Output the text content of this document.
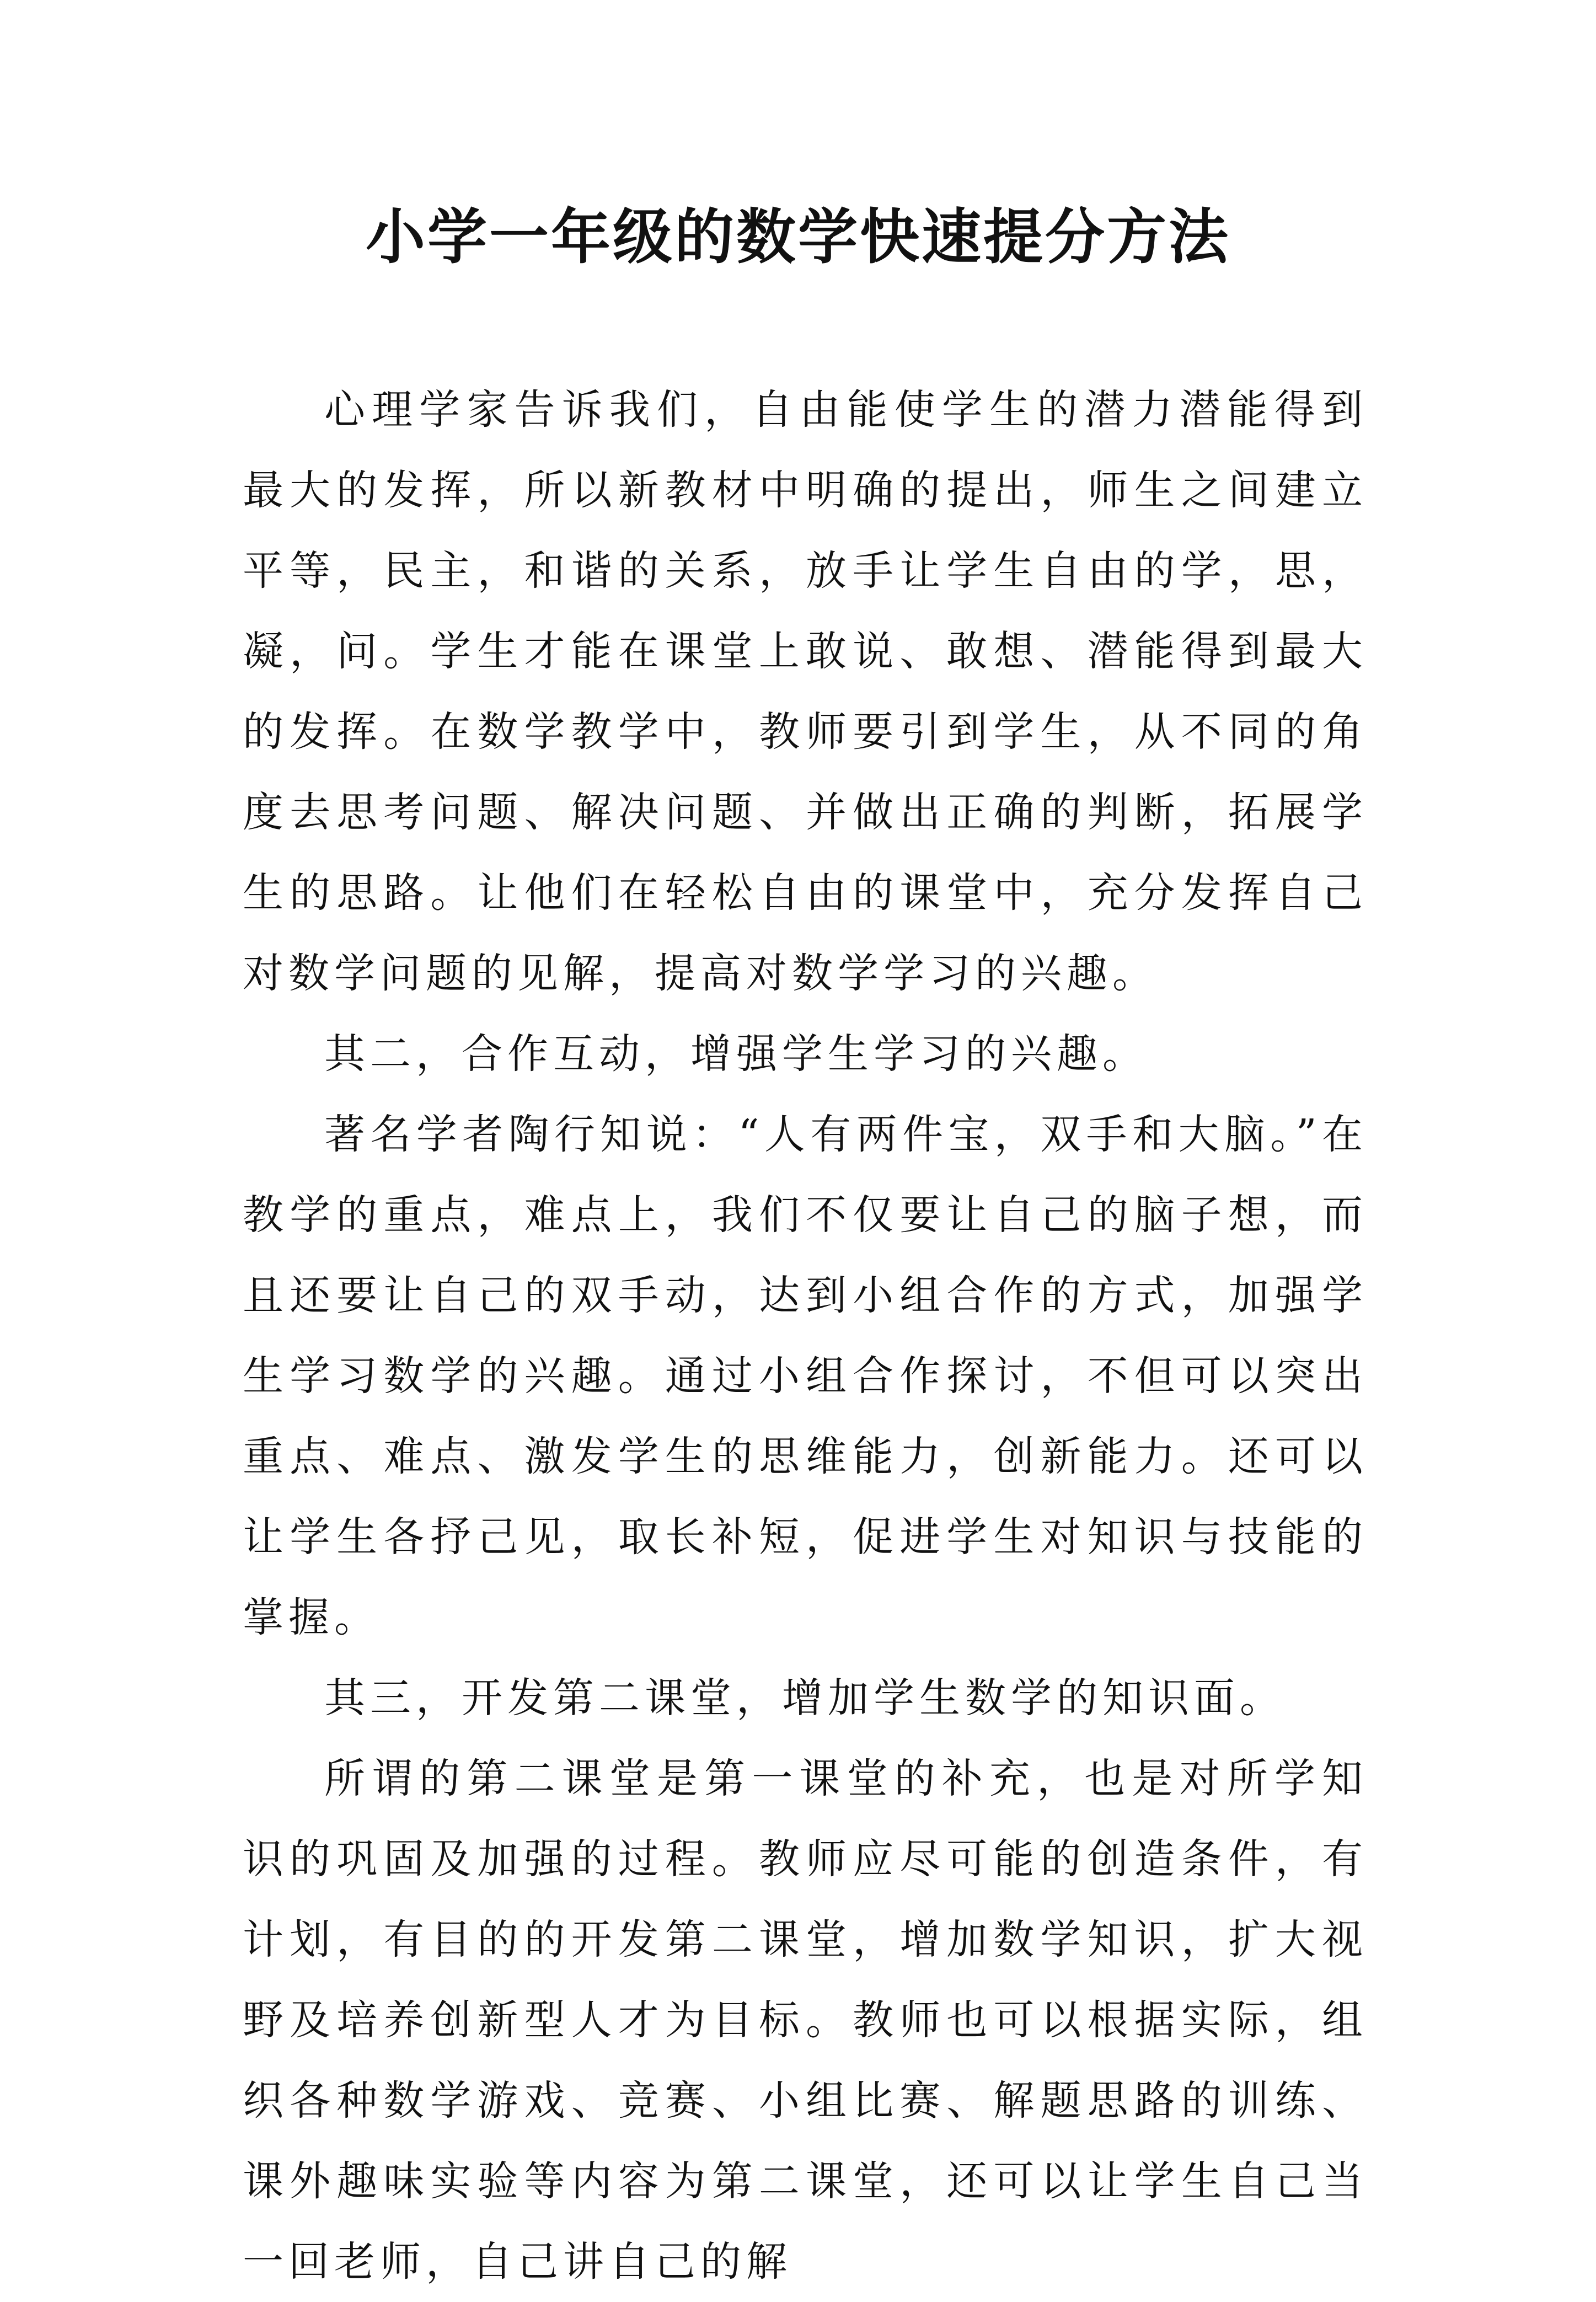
小学一年级的数学快速提分方法

心理学家告诉我们，自由能使学生的潜力潜能得到最大的发挥，所以新教材中明确的提出，师生之间建立平等，民主，和谐的关系，放手让学生自由的学，思，凝，问。学生才能在课堂上敢说、敢想、潜能得到最大的发挥。在数学教学中，教师要引到学生，从不同的角度去思考问题、解决问题、并做出正确的判断，拓展学生的思路。让他们在轻松自由的课堂中，充分发挥自己对数学问题的见解，提高对数学学习的兴趣。

其二，合作互动，增强学生学习的兴趣。

著名学者陶行知说：“人有两件宝，双手和大脑。”在教学的重点，难点上，我们不仅要让自己的脑子想，而且还要让自己的双手动，达到小组合作的方式，加强学生学习数学的兴趣。通过小组合作探讨，不但可以突出重点、难点、激发学生的思维能力，创新能力。还可以让学生各抒己见，取长补短，促进学生对知识与技能的掌握。

其三，开发第二课堂，增加学生数学的知识面。

所谓的第二课堂是第一课堂的补充，也是对所学知识的巩固及加强的过程。教师应尽可能的创造条件，有计划，有目的的开发第二课堂，增加数学知识，扩大视野及培养创新型人才为目标。教师也可以根据实际，组织各种数学游戏、竞赛、小组比赛、解题思路的训练、课外趣味实验等内容为第二课堂，还可以让学生自己当一回老师，自己讲自己的解
